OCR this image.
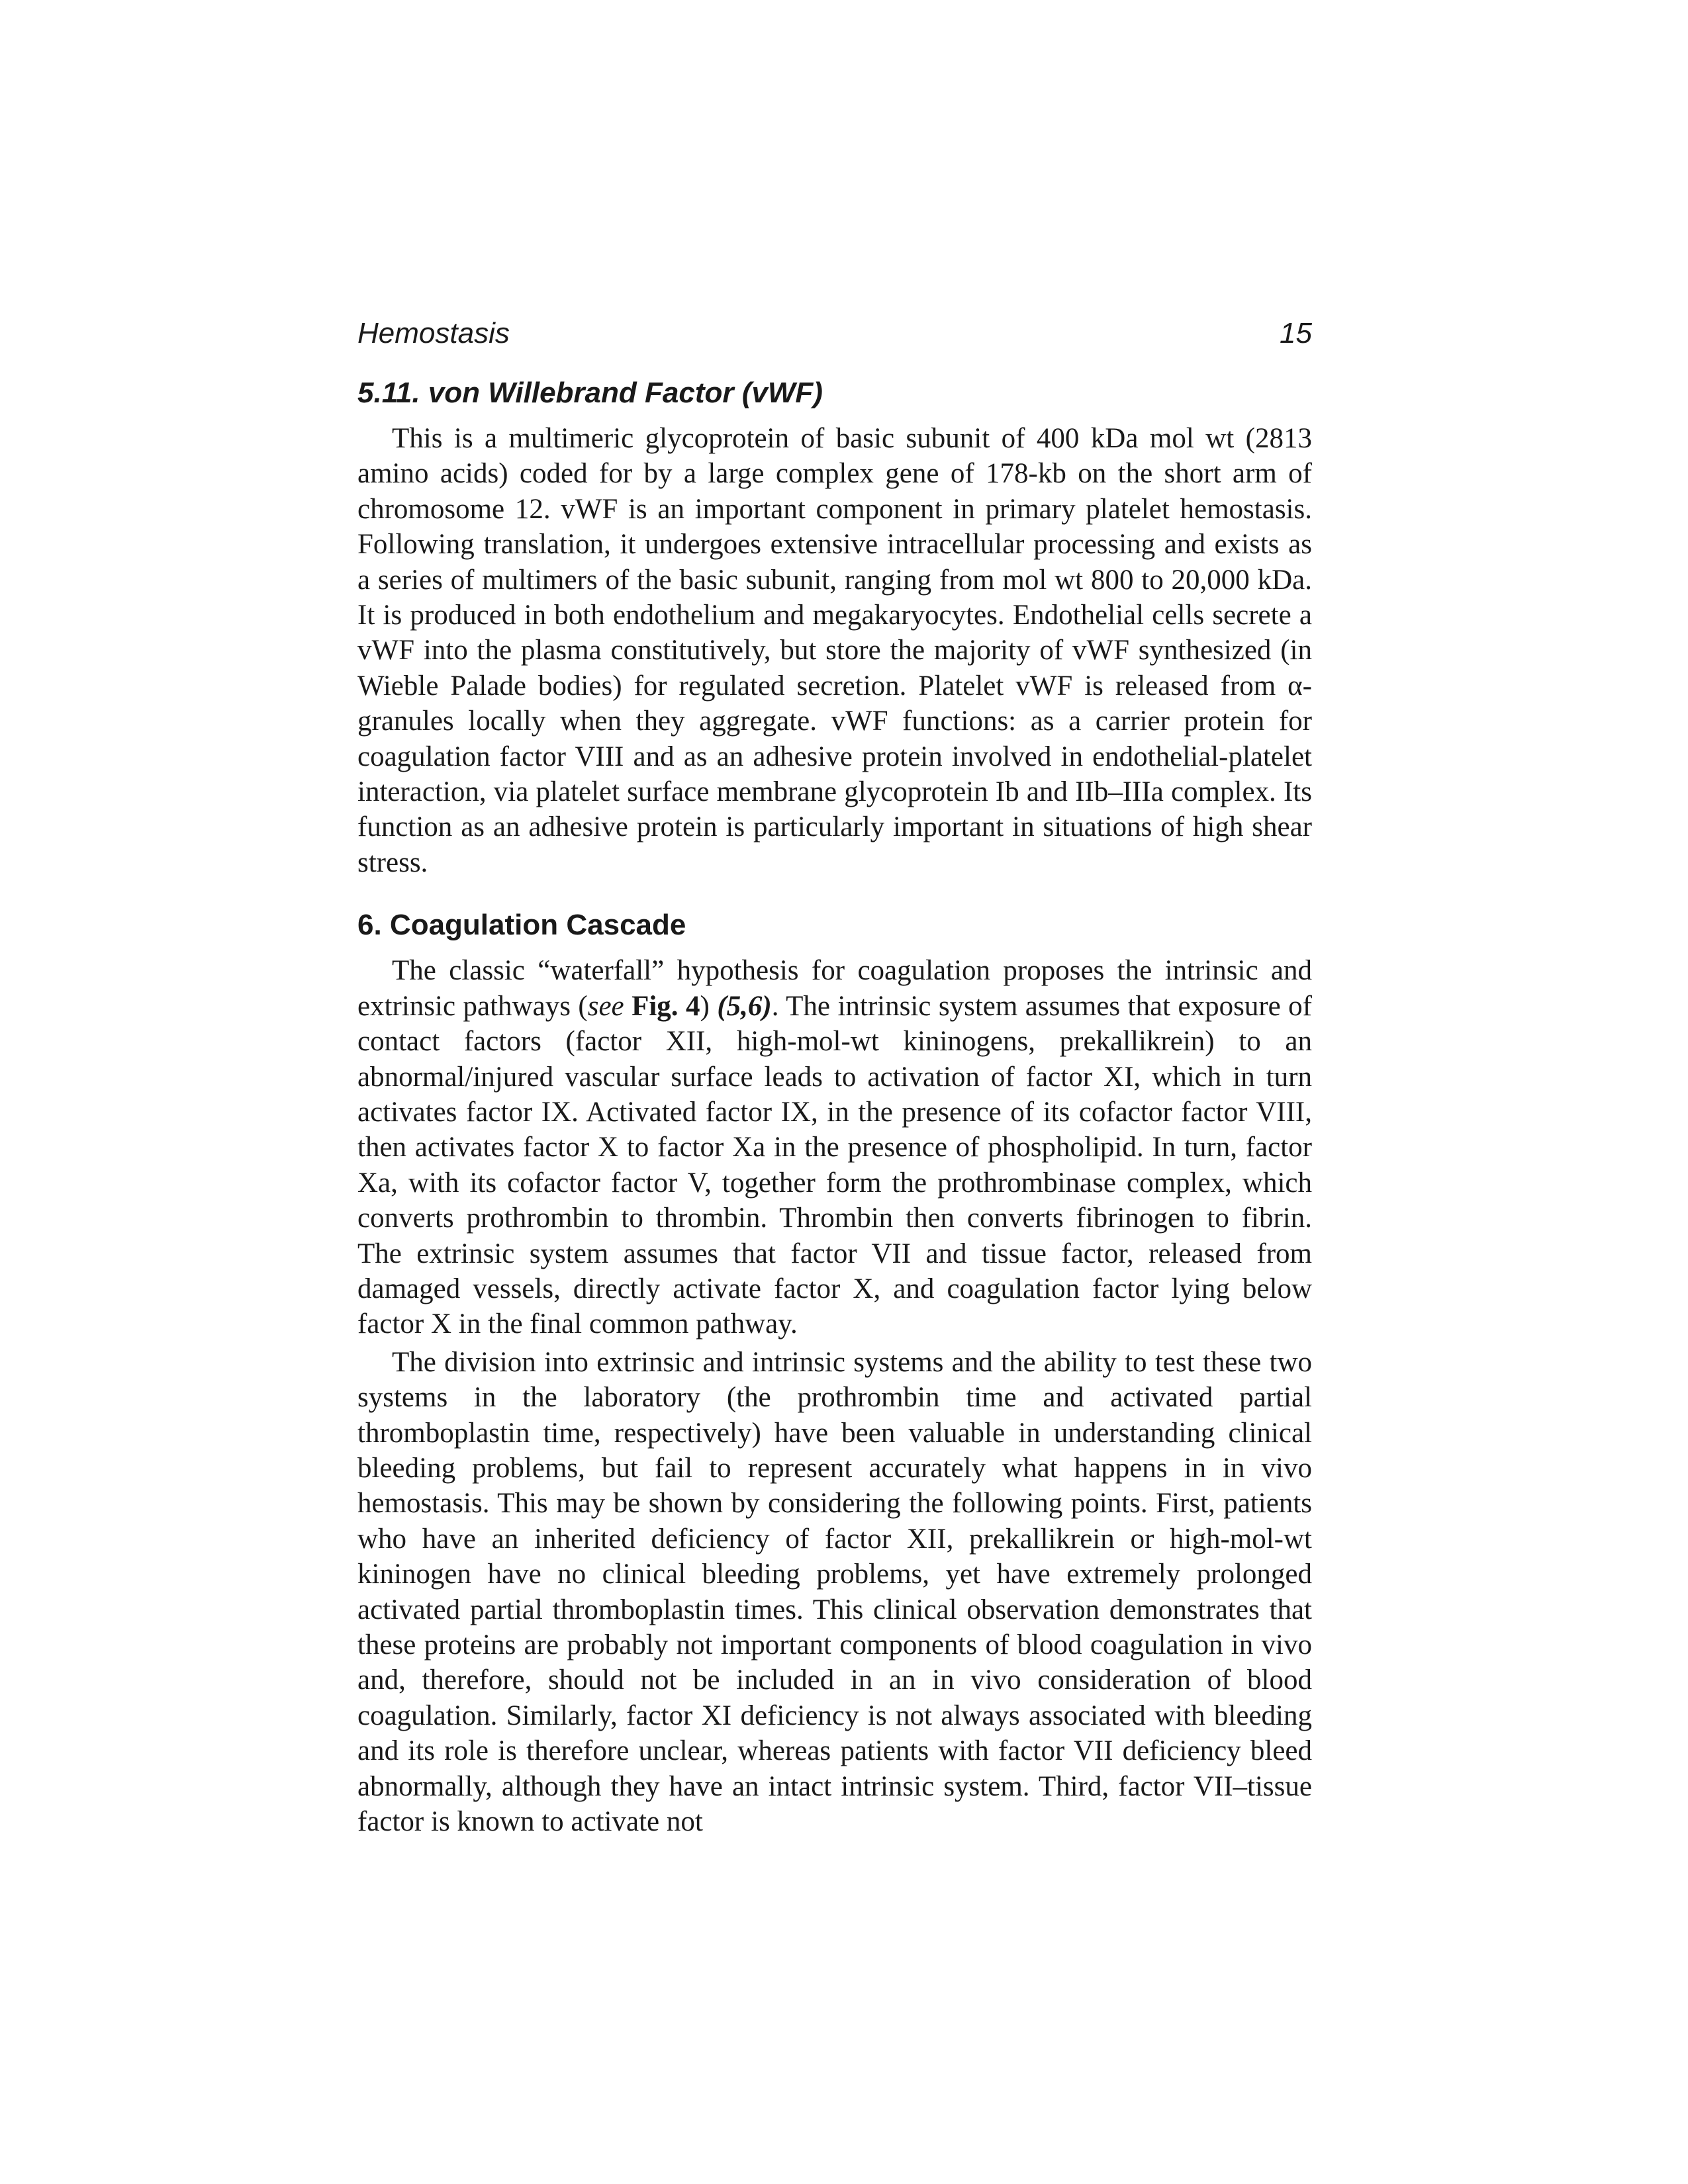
Hemostasis	15
5.11. von Willebrand Factor (vWF)

This is a multimeric glycoprotein of basic subunit of 400 kDa mol wt (2813 amino acids) coded for by a large complex gene of 178-kb on the short arm of chromosome 12. vWF is an important component in primary platelet hemostasis. Following translation, it undergoes extensive intracellular processing and exists as a series of multimers of the basic subunit, ranging from mol wt 800 to 20,000 kDa. It is produced in both endothelium and megakaryocytes. Endothelial cells secrete a vWF into the plasma constitutively, but store the majority of vWF synthesized (in Wieble Palade bodies) for regulated secretion. Platelet vWF is released from α-granules locally when they aggregate. vWF functions: as a carrier protein for coagulation factor VIII and as an adhesive protein involved in endothelial-platelet interaction, via platelet surface membrane glycoprotein Ib and IIb–IIIa complex. Its function as an adhesive protein is particularly important in situations of high shear stress.

6. Coagulation Cascade

The classic “waterfall” hypothesis for coagulation proposes the intrinsic and extrinsic pathways (see Fig. 4) (5,6). The intrinsic system assumes that exposure of contact factors (factor XII, high-mol-wt kininogens, prekallikrein) to an abnormal/injured vascular surface leads to activation of factor XI, which in turn activates factor IX. Activated factor IX, in the presence of its cofactor factor VIII, then activates factor X to factor Xa in the presence of phospholipid. In turn, factor Xa, with its cofactor factor V, together form the prothrombinase complex, which converts prothrombin to thrombin. Thrombin then converts fibrinogen to fibrin. The extrinsic system assumes that factor VII and tissue factor, released from damaged vessels, directly activate factor X, and coagulation factor lying below factor X in the final common pathway.

The division into extrinsic and intrinsic systems and the ability to test these two systems in the laboratory (the prothrombin time and activated partial thromboplastin time, respectively) have been valuable in understanding clinical bleeding problems, but fail to represent accurately what happens in in vivo hemostasis. This may be shown by considering the following points. First, patients who have an inherited deficiency of factor XII, prekallikrein or high-mol-wt kininogen have no clinical bleeding problems, yet have extremely prolonged activated partial thromboplastin times. This clinical observation demonstrates that these proteins are probably not important components of blood coagulation in vivo and, therefore, should not be included in an in vivo consideration of blood coagulation. Similarly, factor XI deficiency is not always associated with bleeding and its role is therefore unclear, whereas patients with factor VII deficiency bleed abnormally, although they have an intact intrinsic system. Third, factor VII–tissue factor is known to activate not
